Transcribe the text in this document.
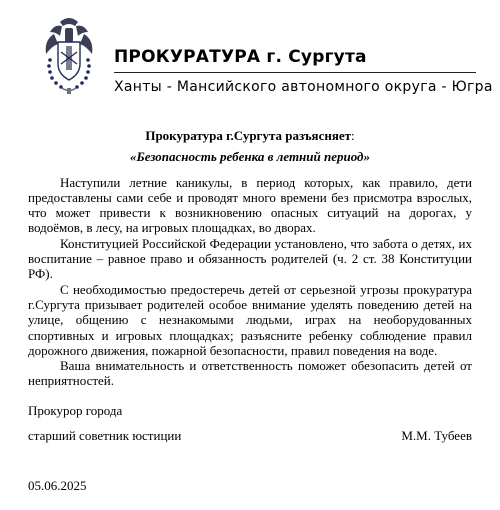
ПРОКУРАТУРА г. Сургута
Ханты - Мансийского автономного округа - Югра

Прокуратура г.Сургута разъясняет:

«Безопасность ребенка в летний период»

Наступили летние каникулы, в период которых, как правило, дети предоставлены сами себе и проводят много времени без присмотра взрослых, что может привести к возникновению опасных ситуаций на дорогах, у водоёмов, в лесу, на игровых площадках, во дворах.

Конституцией Российской Федерации установлено, что забота о детях, их воспитание – равное право и обязанность родителей (ч. 2 ст. 38 Конституции РФ).

С необходимостью предостеречь детей от серьезной угрозы прокуратура г.Сургута призывает родителей особое внимание уделять поведению детей на улице, общению с незнакомыми людьми, играх на необорудованных спортивных и игровых площадках; разъясните ребенку соблюдение правил дорожного движения, пожарной безопасности, правил поведения на воде.

Ваша внимательность и ответственность поможет обезопасить детей от неприятностей.

Прокурор города
старший советник юстиции	М.М. Тубеев
05.06.2025
